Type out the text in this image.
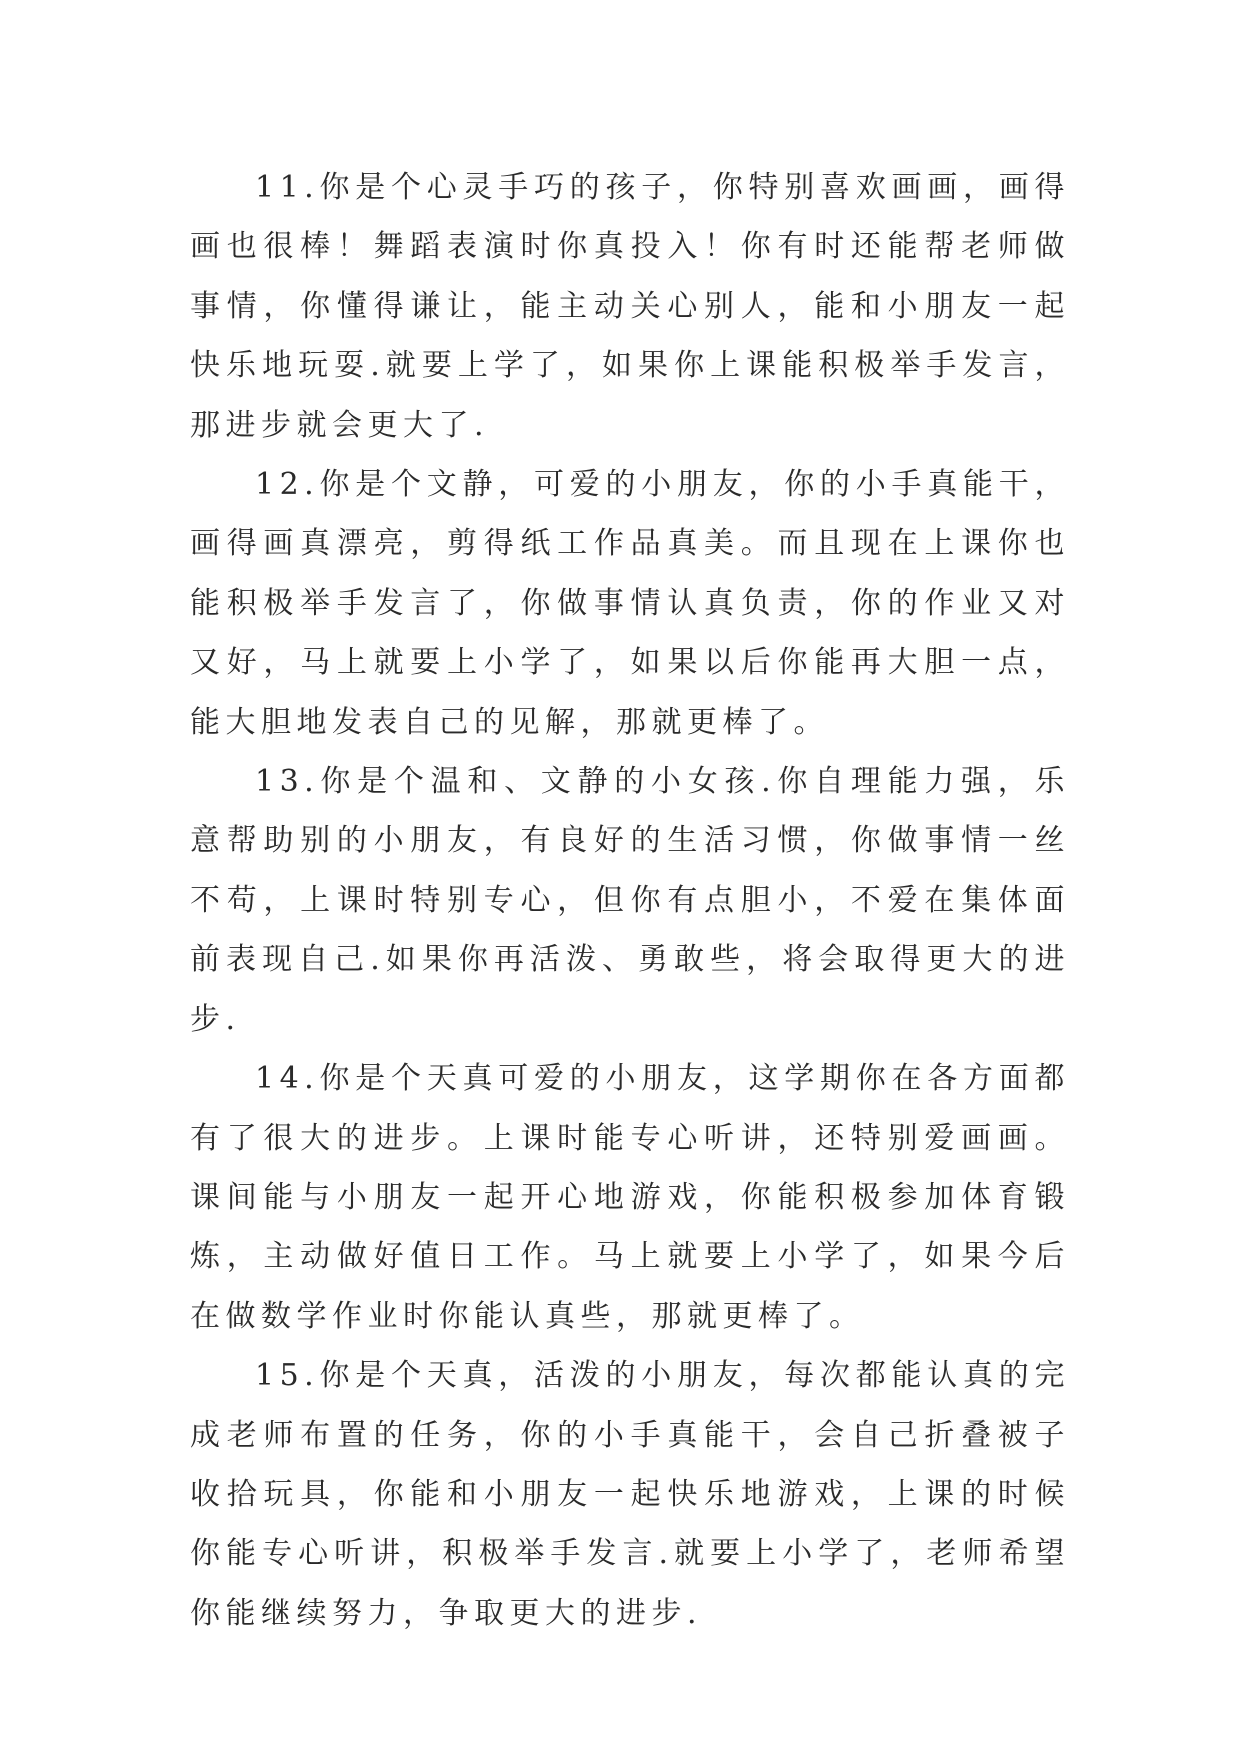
11.你是个心灵手巧的孩子，你特别喜欢画画，画得画也很棒！舞蹈表演时你真投入！你有时还能帮老师做事情，你懂得谦让，能主动关心别人，能和小朋友一起快乐地玩耍.就要上学了，如果你上课能积极举手发言，那进步就会更大了.

12.你是个文静，可爱的小朋友，你的小手真能干，画得画真漂亮，剪得纸工作品真美。而且现在上课你也能积极举手发言了，你做事情认真负责，你的作业又对又好，马上就要上小学了，如果以后你能再大胆一点，能大胆地发表自己的见解，那就更棒了。

13.你是个温和、文静的小女孩.你自理能力强，乐意帮助别的小朋友，有良好的生活习惯，你做事情一丝不苟，上课时特别专心，但你有点胆小，不爱在集体面前表现自己.如果你再活泼、勇敢些，将会取得更大的进步.

14.你是个天真可爱的小朋友，这学期你在各方面都有了很大的进步。上课时能专心听讲，还特别爱画画。课间能与小朋友一起开心地游戏，你能积极参加体育锻炼，主动做好值日工作。马上就要上小学了，如果今后在做数学作业时你能认真些，那就更棒了。

15.你是个天真，活泼的小朋友，每次都能认真的完成老师布置的任务，你的小手真能干，会自己折叠被子收拾玩具，你能和小朋友一起快乐地游戏，上课的时候你能专心听讲，积极举手发言.就要上小学了，老师希望你能继续努力，争取更大的进步.
